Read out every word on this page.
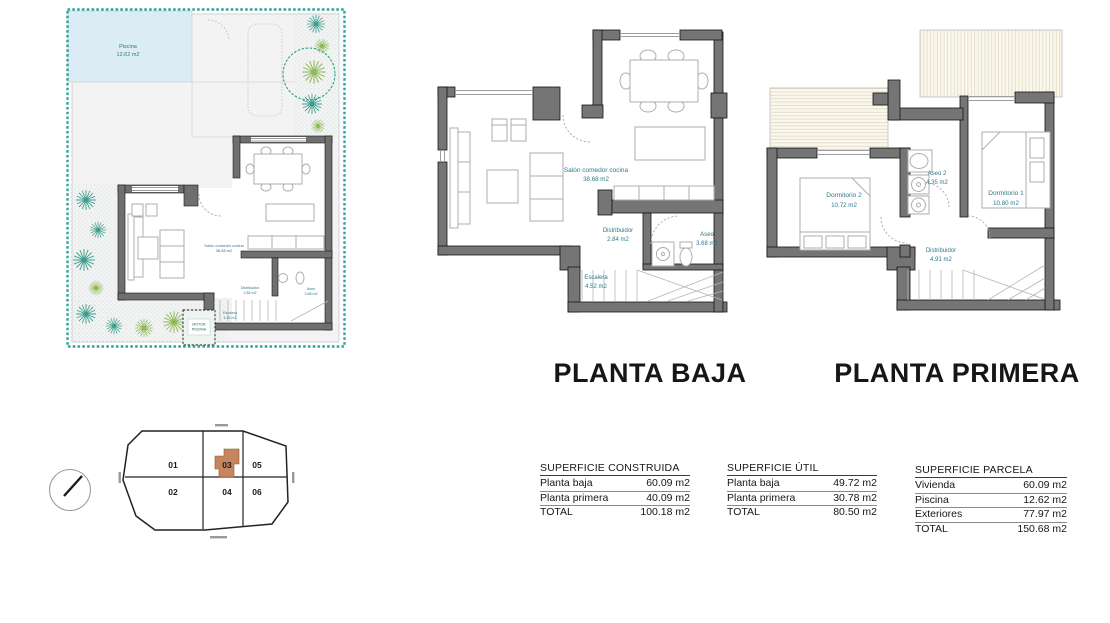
Salón comedor cocina
38.68 m2
Distribuidor
2.84 m2
Aseo
3.68 m2
Escalera
4.52 m2
MOTOR
PISCINA
Piscina
12.62 m2
Salón comedor cocina
38.68 m2
Distribuidor
2.84 m2
Aseo
3.68 m2
Escalera
4.52 m2
Dormitorio 2
10.72 m2
Aseo 2
4.35 m2
Dormitorio 1
10.80 m2
Distribuidor
4.91 m2
PLANTA BAJA	PLANTA PRIMERA
01
02
03
04
05
06
SUPERFICIE CONSTRUIDA
Planta baja	60.09 m2
Planta primera	40.09 m2
TOTAL	100.18 m2
SUPERFICIE ÚTIL
Planta baja	49.72 m2
Planta primera	30.78 m2
TOTAL	80.50 m2
SUPERFICIE PARCELA
Vivienda	60.09 m2
Piscina	12.62 m2
Exteriores	77.97 m2
TOTAL	150.68 m2
